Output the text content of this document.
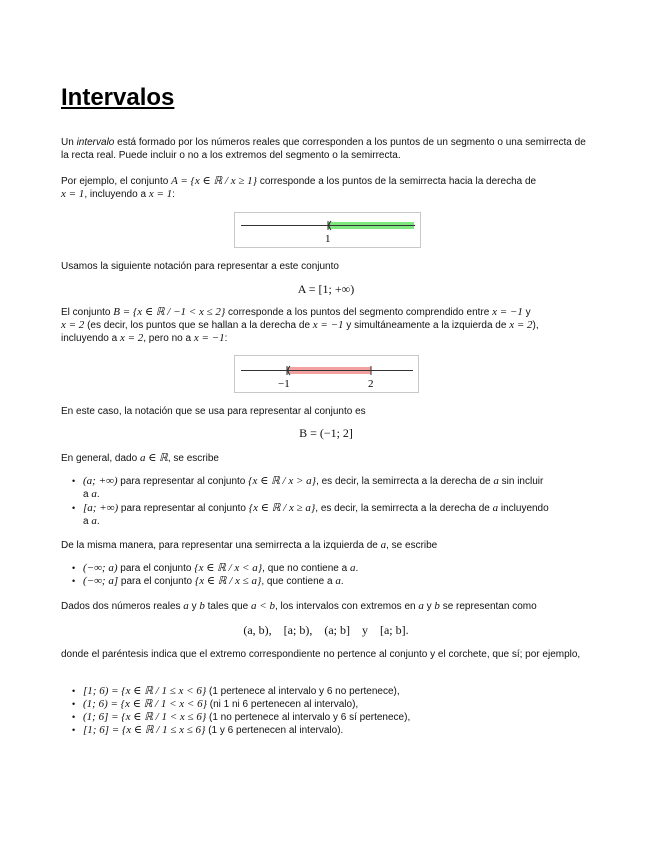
Intervalos

Un intervalo está formado por los números reales que corresponden a los puntos de un segmento o una semirrecta de la recta real. Puede incluir o no a los extremos del segmento o la semirrecta.

Por ejemplo, el conjunto A = {x ∈ ℝ / x ≥ 1} corresponde a los puntos de la semirrecta hacia la derecha de
x = 1, incluyendo a x = 1:

1

Usamos la siguiente notación para representar a este conjunto

A = [1; +∞)

El conjunto B = {x ∈ ℝ / −1 < x ≤ 2} corresponde a los puntos del segmento comprendido entre x = −1 y
x = 2 (es decir, los puntos que se hallan a la derecha de x = −1 y simultáneamente a la izquierda de x = 2),
incluyendo a x = 2, pero no a x = −1:

−1	2

En este caso, la notación que se usa para representar al conjunto es

B = (−1; 2]

En general, dado a ∈ ℝ, se escribe

• (a; +∞) para representar al conjunto {x ∈ ℝ / x > a}, es decir, la semirrecta a la derecha de a sin incluir
a a.
• [a; +∞) para representar al conjunto {x ∈ ℝ / x ≥ a}, es decir, la semirrecta a la derecha de a incluyendo
a a.

De la misma manera, para representar una semirrecta a la izquierda de a, se escribe

• (−∞; a) para el conjunto {x ∈ ℝ / x < a}, que no contiene a a.
• (−∞; a] para el conjunto {x ∈ ℝ / x ≤ a}, que contiene a a.

Dados dos números reales a y b tales que a < b, los intervalos con extremos en a y b se representan como

(a, b),    [a; b),    (a; b]    y    [a; b].

donde el paréntesis indica que el extremo correspondiente no pertence al conjunto y el corchete, que sí; por ejemplo,

• [1; 6) = {x ∈ ℝ / 1 ≤ x < 6} (1 pertenece al intervalo y 6 no pertenece),
• (1; 6) = {x ∈ ℝ / 1 < x < 6} (ni 1 ni 6 pertenecen al intervalo),
• (1; 6] = {x ∈ ℝ / 1 < x ≤ 6} (1 no pertenece al intervalo y 6 sí pertenece),
• [1; 6] = {x ∈ ℝ / 1 ≤ x ≤ 6} (1 y 6 pertenecen al intervalo).
